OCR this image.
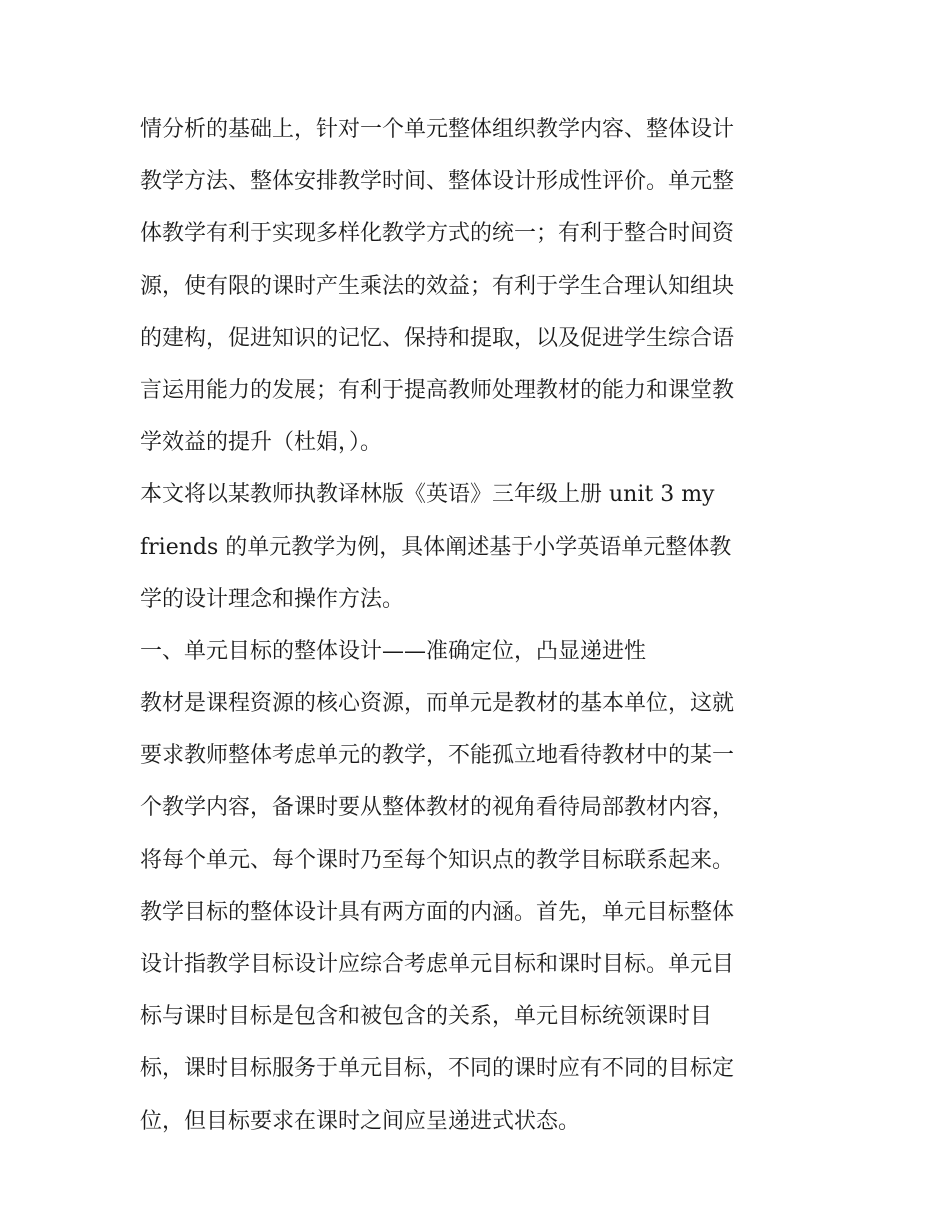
情分析的基础上，针对一个单元整体组织教学内容、整体设计
教学方法、整体安排教学时间、整体设计形成性评价。单元整
体教学有利于实现多样化教学方式的统一；有利于整合时间资
源，使有限的课时产生乘法的效益；有利于学生合理认知组块
的建构，促进知识的记忆、保持和提取，以及促进学生综合语
言运用能力的发展；有利于提高教师处理教材的能力和课堂教
学效益的提升（杜娟，）。
本文将以某教师执教译林版《英语》三年级上册 unit 3 my
friends 的单元教学为例，具体阐述基于小学英语单元整体教
学的设计理念和操作方法。
一、单元目标的整体设计——准确定位，凸显递进性
教材是课程资源的核心资源，而单元是教材的基本单位，这就
要求教师整体考虑单元的教学，不能孤立地看待教材中的某一
个教学内容，备课时要从整体教材的视角看待局部教材内容，
将每个单元、每个课时乃至每个知识点的教学目标联系起来。
教学目标的整体设计具有两方面的内涵。首先，单元目标整体
设计指教学目标设计应综合考虑单元目标和课时目标。单元目
标与课时目标是包含和被包含的关系，单元目标统领课时目
标，课时目标服务于单元目标，不同的课时应有不同的目标定
位，但目标要求在课时之间应呈递进式状态。
